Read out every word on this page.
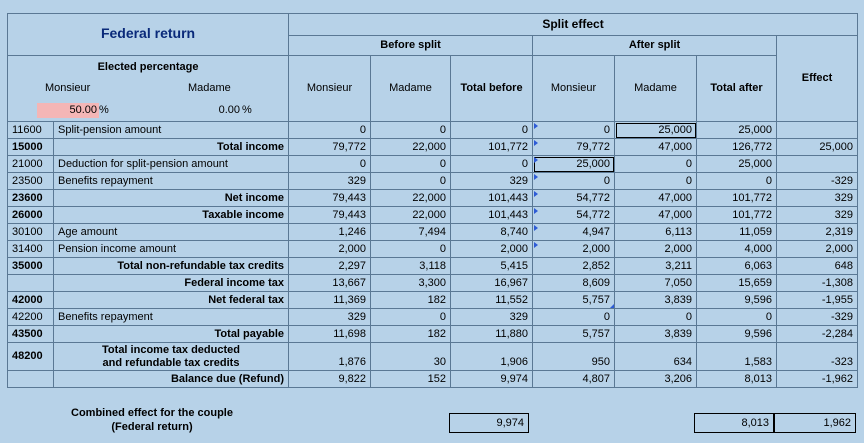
Federal return		Split effect						
		Before split			After split			Effect

Elected percentage
Monsieur Madame
50.00 % 0.00 %		Monsieur	Madame	Total before	Monsieur	Madame	Total after	
11600	Split-pension amount	0	0	0	0	25,000	25,000	
15000	Total income	79,772	22,000	101,772	79,772	47,000	126,772	25,000
21000	Deduction for split-pension amount	0	0	0	25,000	0	25,000	
23500	Benefits repayment	329	0	329	0	0	0	-329
23600	Net income	79,443	22,000	101,443	54,772	47,000	101,772	329
26000	Taxable income	79,443	22,000	101,443	54,772	47,000	101,772	329
30100	Age amount	1,246	7,494	8,740	4,947	6,113	11,059	2,319
31400	Pension income amount	2,000	0	2,000	2,000	2,000	4,000	2,000
35000	Total non-refundable tax credits	2,297	3,118	5,415	2,852	3,211	6,063	648
	Federal income tax	13,667	3,300	16,967	8,609	7,050	15,659	-1,308
42000	Net federal tax	11,369	182	11,552	5,757	3,839	9,596	-1,955
42200	Benefits repayment	329	0	329	0	0	0	-329
43500	Total payable	11,698	182	11,880	5,757	3,839	9,596	-2,284
48200	Total income tax deducted
and refundable tax credits	1,876	30	1,906	950	634	1,583	-323
	Balance due (Refund)	9,822	152	9,974	4,807	3,206	8,013	-1,962
Combined effect for the couple
(Federal return)	9,974	8,013	1,962
